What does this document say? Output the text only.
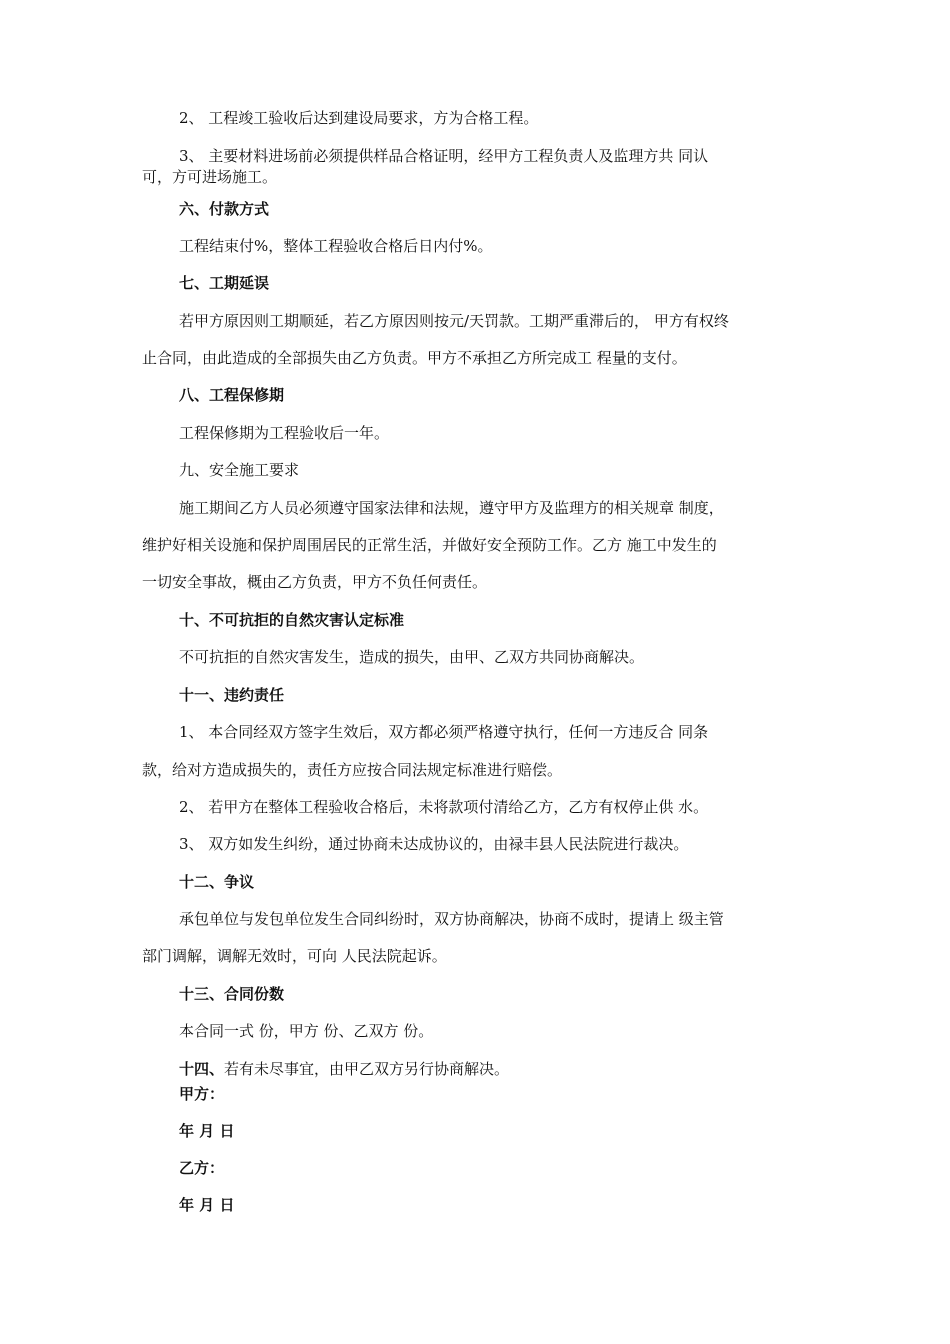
2、 工程竣工验收后达到建设局要求，方为合格工程。
3、 主要材料进场前必须提供样品合格证明，经甲方工程负责人及监理方共 同认
可，方可进场施工。
六、付款方式
工程结束付%，整体工程验收合格后日内付%。
七、工期延误
若甲方原因则工期顺延，若乙方原因则按元/天罚款。工期严重滞后的， 甲方有权终
止合同，由此造成的全部损失由乙方负责。甲方不承担乙方所完成工 程量的支付。
八、工程保修期
工程保修期为工程验收后一年。
九、安全施工要求
施工期间乙方人员必须遵守国家法律和法规，遵守甲方及监理方的相关规章 制度，
维护好相关设施和保护周围居民的正常生活，并做好安全预防工作。乙方 施工中发生的
一切安全事故，概由乙方负责，甲方不负任何责任。
十、不可抗拒的自然灾害认定标准
不可抗拒的自然灾害发生，造成的损失，由甲、乙双方共同协商解决。
十一、违约责任
1、 本合同经双方签字生效后，双方都必须严格遵守执行，任何一方违反合 同条
款，给对方造成损失的，责任方应按合同法规定标准进行赔偿。
2、 若甲方在整体工程验收合格后，未将款项付清给乙方，乙方有权停止供 水。
3、 双方如发生纠纷，通过协商未达成协议的，由禄丰县人民法院进行裁决。
十二、争议
承包单位与发包单位发生合同纠纷时，双方协商解决，协商不成时，提请上 级主管
部门调解，调解无效时，可向 人民法院起诉。
十三、合同份数
本合同一式 份，甲方 份、乙双方 份。
十四、若有未尽事宜，由甲乙双方另行协商解决。
甲方：
年 月 日
乙方：
年 月 日
